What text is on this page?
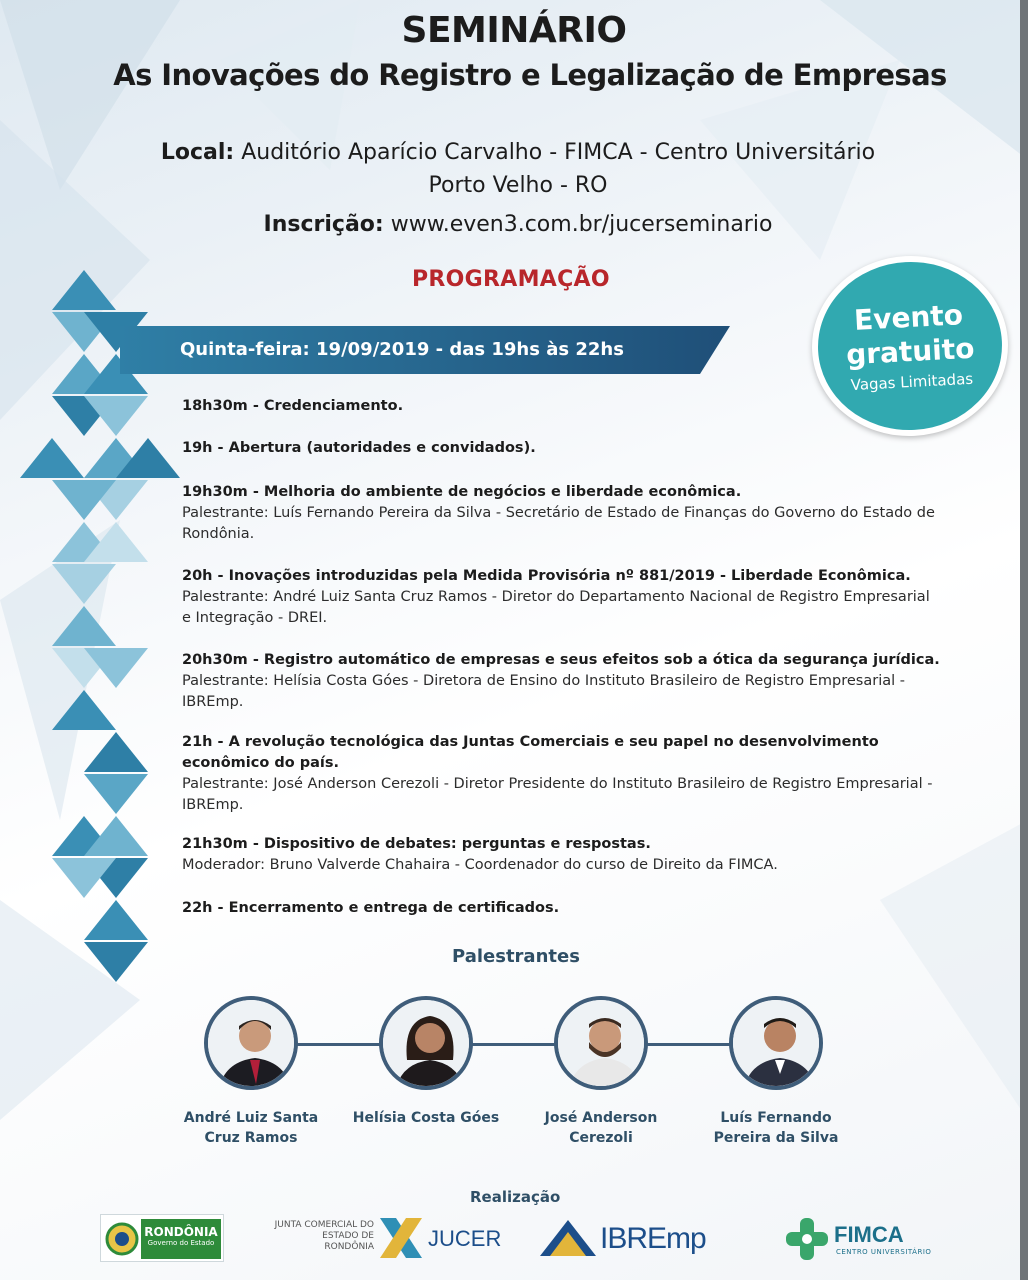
SEMINÁRIO
As Inovações do Registro e Legalização de Empresas
Local: Auditório Aparício Carvalho - FIMCA - Centro Universitário
Porto Velho - RO
Inscrição: www.even3.com.br/jucerseminario
PROGRAMAÇÃO
Evento
gratuito
Vagas Limitadas
Quinta-feira: 19/09/2019 - das 19hs às 22hs
18h30m - Credenciamento.
19h - Abertura (autoridades e convidados).
19h30m - Melhoria do ambiente de negócios e liberdade econômica.
Palestrante: Luís Fernando Pereira da Silva - Secretário de Estado de Finanças do Governo do Estado de Rondônia.
20h - Inovações introduzidas pela Medida Provisória nº 881/2019 - Liberdade Econômica.
Palestrante: André Luiz Santa Cruz Ramos - Diretor do Departamento Nacional de Registro Empresarial e Integração - DREI.
20h30m - Registro automático de empresas e seus efeitos sob a ótica da segurança jurídica.
Palestrante: Helísia Costa Góes - Diretora de Ensino do Instituto Brasileiro de Registro Empresarial - IBREmp.
21h - A revolução tecnológica das Juntas Comerciais e seu papel no desenvolvimento econômico do país.
Palestrante: José Anderson Cerezoli - Diretor Presidente do Instituto Brasileiro de Registro Empresarial - IBREmp.
21h30m - Dispositivo de debates: perguntas e respostas.
Moderador: Bruno Valverde Chahaira - Coordenador do curso de Direito da FIMCA.
22h - Encerramento e entrega de certificados.
Palestrantes
André Luiz Santa
Cruz Ramos
Helísia Costa Góes	José Anderson
Cerezoli
Luís Fernando
Pereira da Silva
Realização
RONDÔNIA
Governo do Estado
JUNTA COMERCIAL DO ESTADO DE RONDÔNIA JUCER	IBREmp	FIMCA
CENTRO UNIVERSITÁRIO
